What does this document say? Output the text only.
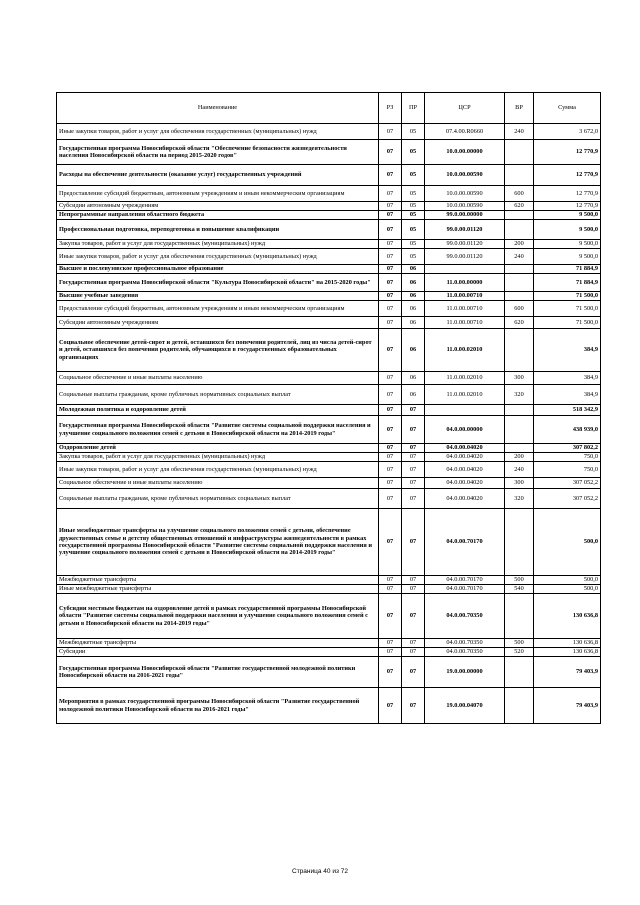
Наименование	РЗ	ПР	ЦСР	ВР	Сумма
Иные закупки товаров, работ и услуг для обеспечения государственных (муниципальных) нужд	07	05	07.4.00.R0660	240	3 672,0
Государственная программа Новосибирской области "Обеспечение безопасности жизнедеятельности населения Новосибирской области на период 2015-2020 годов"	07	05	10.0.00.00000		12 770,9
Расходы на обеспечение деятельности (оказание услуг) государственных учреждений	07	05	10.0.00.00590		12 770,9
Предоставление субсидий бюджетным, автономным учреждениям и иным некоммерческим организациям	07	05	10.0.00.00590	600	12 770,9
Субсидии автономным учреждениям	07	05	10.0.00.00590	620	12 770,9
Непрограммные направления областного бюджета	07	05	99.0.00.00000		9 500,0
Профессиональная подготовка, переподготовка и повышение квалификации	07	05	99.0.00.01120		9 500,0
Закупка товаров, работ и услуг для государственных (муниципальных) нужд	07	05	99.0.00.01120	200	9 500,0
Иные закупки товаров, работ и услуг для обеспечения государственных (муниципальных) нужд	07	05	99.0.00.01120	240	9 500,0
Высшее и послевузовское профессиональное образование	07	06			71 884,9
Государственная программа Новосибирской области "Культура Новосибирской области" на 2015-2020 годы"	07	06	11.0.00.00000		71 884,9
Высшие учебные заведения	07	06	11.0.00.00710		71 500,0
Предоставление субсидий бюджетным, автономным учреждениям и иным некоммерческим организациям	07	06	11.0.00.00710	600	71 500,0
Субсидии автономным учреждениям	07	06	11.0.00.00710	620	71 500,0
Социальное обеспечение детей-сирот и детей, оставшихся без попечения родителей, лиц из числа детей-сирот и детей, оставшихся без попечения родителей, обучающихся в государственных образовательных организациях	07	06	11.0.00.02010		384,9
Социальное обеспечение и иные выплаты населению	07	06	11.0.00.02010	300	384,9
Социальные выплаты гражданам, кроме публичных нормативных социальных выплат	07	06	11.0.00.02010	320	384,9
Молодежная политика и оздоровление детей	07	07			518 342,9
Государственная программа Новосибирской области "Развитие системы социальной поддержки населения и улучшение социального положения семей с детьми в Новосибирской области на 2014-2019 годы"	07	07	04.0.00.00000		438 939,0
Оздоровление детей	07	07	04.0.00.04020		307 802,2
Закупка товаров, работ и услуг для государственных (муниципальных) нужд	07	07	04.0.00.04020	200	750,0
Иные закупки товаров, работ и услуг для обеспечения государственных (муниципальных) нужд	07	07	04.0.00.04020	240	750,0
Социальное обеспечение и иные выплаты населению	07	07	04.0.00.04020	300	307 052,2
Социальные выплаты гражданам, кроме публичных нормативных социальных выплат	07	07	04.0.00.04020	320	307 052,2
Иные межбюджетные трансферты на улучшение социального положения семей с детьми, обеспечение дружественных семье и детству общественных отношений и инфраструктуры жизнедеятельности в рамках государственной программы Новосибирской области "Развитие системы социальной поддержки населения и улучшение социального положения семей с детьми в Новосибирской области на 2014-2019 годы"	07	07	04.0.00.70170		500,0
Межбюджетные трансферты	07	07	04.0.00.70170	500	500,0
Иные межбюджетные трансферты	07	07	04.0.00.70170	540	500,0
Субсидии местным бюджетам на оздоровление детей в рамках государственной программы Новосибирской области "Развитие системы социальной поддержки населения и улучшение социального положения семей с детьми в Новосибирской области на 2014-2019 годы"	07	07	04.0.00.70350		130 636,8
Межбюджетные трансферты	07	07	04.0.00.70350	500	130 636,8
Субсидии	07	07	04.0.00.70350	520	130 636,8
Государственная программа Новосибирской области "Развитие государственной молодежной политики Новосибирской области на 2016-2021 годы"	07	07	19.0.00.00000		79 403,9
Мероприятия в рамках государственной программы Новосибирской области "Развитие государственной молодежной политики Новосибирской области на 2016-2021 годы"	07	07	19.0.00.04070		79 403,9
Страница 40 из 72
